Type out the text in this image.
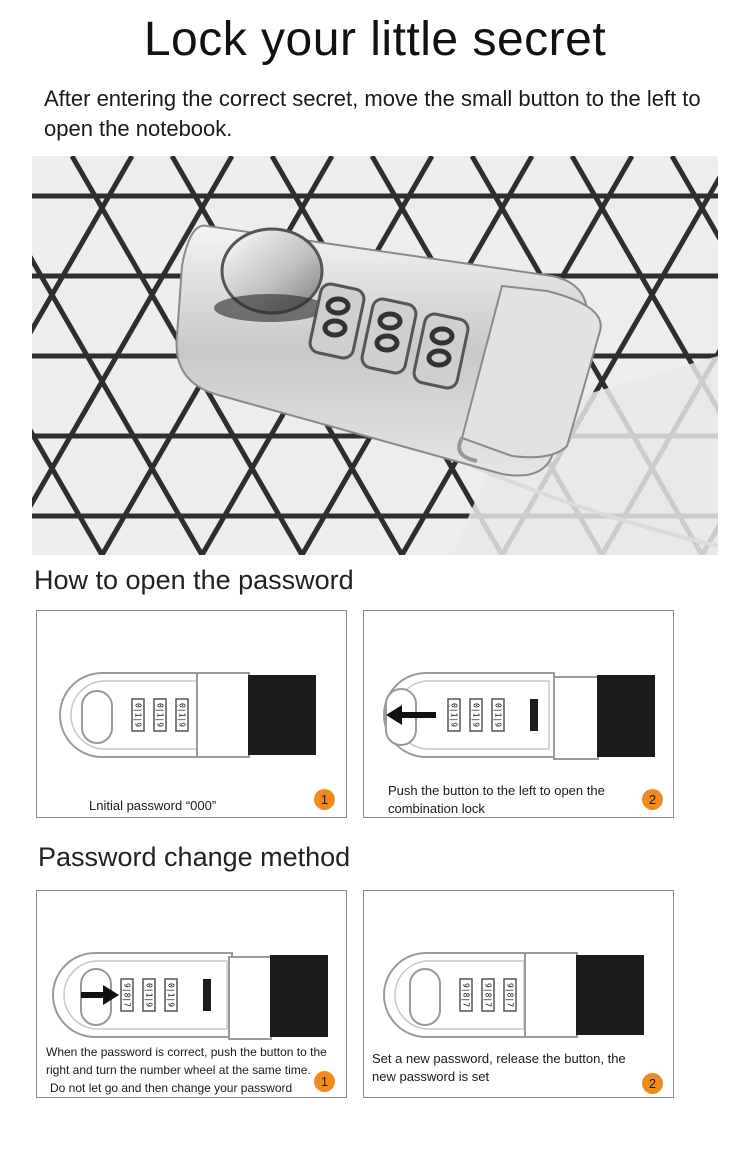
Lock your little secret
After entering the correct secret, move the small button to the left to open the notebook.
How to open the password
0|1|9 0|1|9 0|1|9
Lnitial password “000”	1
0|1|9 0|1|9 0|1|9
Push the button to the left to open the combination lock
2
Password change method
9|8|7 0|1|9 0|1|9
When the password is correct, push the button to the
right and turn the number wheel at the same time.
Do not let go and then change your password	1
9|8|7 9|8|7 9|8|7
Set a new password, release the button, the new password is set	2
